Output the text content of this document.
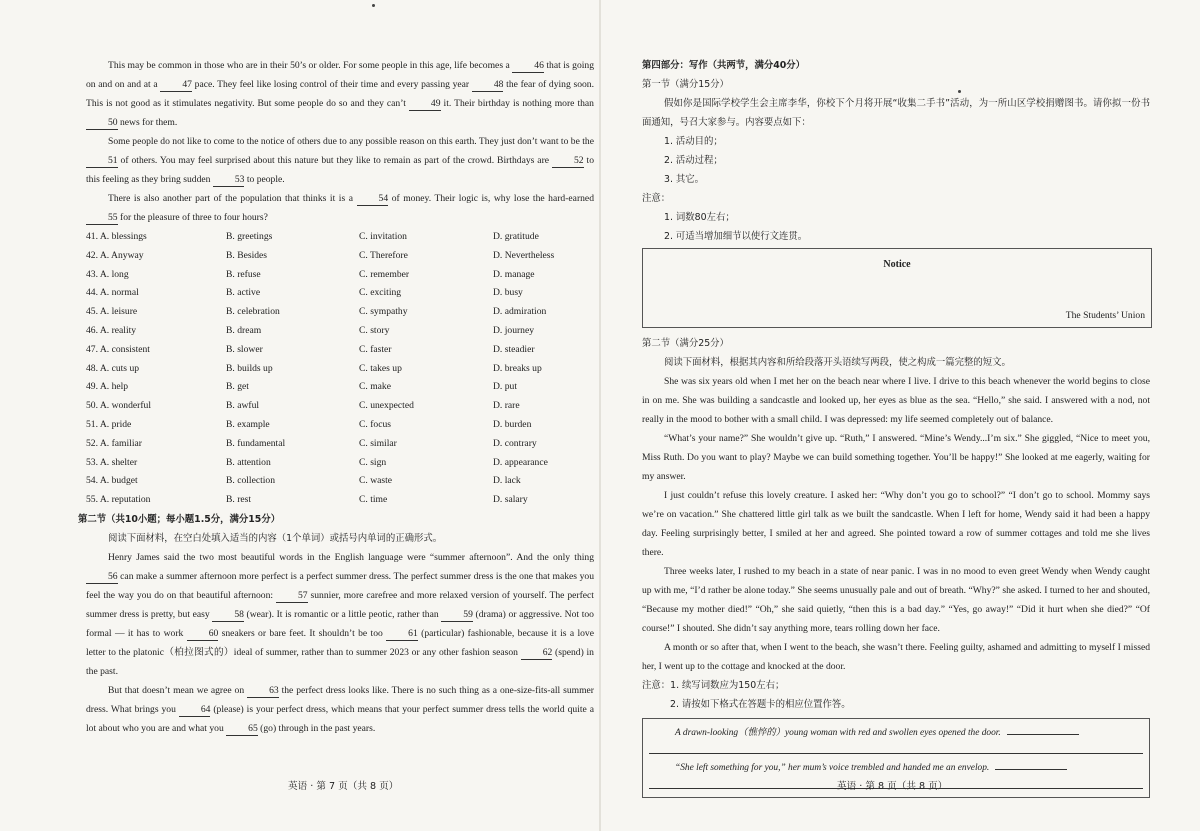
This may be common in those who are in their 50’s or older. For some people in this age, life becomes a	46 that is going on and on and at a	47 pace. They feel like losing control of their time and every passing year	48 the fear of dying soon. This is not good as it stimulates negativity. But some people do so and they can’t	49 it. Their birthday is nothing more than 50 news for them.

Some people do not like to come to the notice of others due to any possible reason on this earth. They just don’t want to be the 51 of others. You may feel surprised about this nature but they like to remain as part of the crowd. Birthdays are	52 to this feeling as they bring sudden	53 to people.

There is also another part of the population that thinks it is a	54 of money. Their logic is, why lose the hard-earned 55 for the pleasure of three to four hours?

41. A. blessings	B. greetings	C. invitation	D. gratitude
42. A. Anyway	B. Besides	C. Therefore	D. Nevertheless
43. A. long	B. refuse	C. remember	D. manage
44. A. normal	B. active	C. exciting	D. busy
45. A. leisure	B. celebration	C. sympathy	D. admiration
46. A. reality	B. dream	C. story	D. journey
47. A. consistent	B. slower	C. faster	D. steadier
48. A. cuts up	B. builds up	C. takes up	D. breaks up
49. A. help	B. get	C. make	D. put
50. A. wonderful	B. awful	C. unexpected	D. rare
51. A. pride	B. example	C. focus	D. burden
52. A. familiar	B. fundamental	C. similar	D. contrary
53. A. shelter	B. attention	C. sign	D. appearance
54. A. budget	B. collection	C. waste	D. lack
55. A. reputation	B. rest	C. time	D. salary

第二节（共10小题；每小题1.5分，满分15分）

阅读下面材料，在空白处填入适当的内容（1个单词）或括号内单词的正确形式。

Henry James said the two most beautiful words in the English language were “summer afternoon”. And the only thing 56 can make a summer afternoon more perfect is a perfect summer dress. The perfect summer dress is the one that makes you feel the way you do on that beautiful afternoon:	57 sunnier, more carefree and more relaxed version of yourself. The perfect summer dress is pretty, but easy	58 (wear). It is romantic or a little peotic, rather than	59 (drama) or aggressive. Not too formal — it has to work	60 sneakers or bare feet. It shouldn’t be too	61 (particular) fashionable, because it is a love letter to the platonic（柏拉图式的）ideal of summer, rather than to summer 2023 or any other fashion season	62 (spend) in the past.

But that doesn’t mean we agree on	63 the perfect dress looks like. There is no such thing as a one-size-fits-all summer dress. What brings you	64 (please) is your perfect dress, which means that your perfect summer dress tells the world quite a lot about who you are and what you	65 (go) through in the past years.

英语 · 第 7 页（共 8 页）

第四部分：写作（共两节，满分40分）

第一节（满分15分）

假如你是国际学校学生会主席李华，你校下个月将开展“收集二手书”活动，为一所山区学校捐赠图书。请你拟一份书面通知，号召大家参与。内容要点如下：

1. 活动目的；
2. 活动过程；
3. 其它。
注意：
1. 词数80左右；
2. 可适当增加细节以使行文连贯。
Notice
The Students’ Union

第二节（满分25分）

阅读下面材料，根据其内容和所给段落开头语续写两段，使之构成一篇完整的短文。

She was six years old when I met her on the beach near where I live. I drive to this beach whenever the world begins to close in on me. She was building a sandcastle and looked up, her eyes as blue as the sea. “Hello,” she said. I answered with a nod, not really in the mood to bother with a small child. I was depressed: my life seemed completely out of balance.

“What’s your name?” She wouldn’t give up. “Ruth,” I answered. “Mine’s Wendy...I’m six.” She giggled, “Nice to meet you, Miss Ruth. Do you want to play? Maybe we can build something together. You’ll be happy!” She looked at me eagerly, waiting for my answer.

I just couldn’t refuse this lovely creature. I asked her: “Why don’t you go to school?” “I don’t go to school. Mommy says we’re on vacation.” She chattered little girl talk as we built the sandcastle. When I left for home, Wendy said it had been a happy day. Feeling surprisingly better, I smiled at her and agreed. She pointed toward a row of summer cottages and told me she lives there.

Three weeks later, I rushed to my beach in a state of near panic. I was in no mood to even greet Wendy when Wendy caught up with me, “I’d rather be alone today.” She seems unusually pale and out of breath. “Why?” she asked. I turned to her and shouted, “Because my mother died!” “Oh,” she said quietly, “then this is a bad day.” “Yes, go away!” “Did it hurt when she died?” “Of course!” I shouted. She didn’t say anything more, tears rolling down her face.

A month or so after that, when I went to the beach, she wasn’t there. Feeling guilty, ashamed and admitting to myself I missed her, I went up to the cottage and knocked at the door.

注意：1. 续写词数应为150左右；
2. 请按如下格式在答题卡的相应位置作答。
A drawn-looking（憔悴的）young woman with red and swollen eyes opened the door.
“She left something for you,” her mum’s voice trembled and handed me an envelop.
英语 · 第 8 页（共 8 页）
